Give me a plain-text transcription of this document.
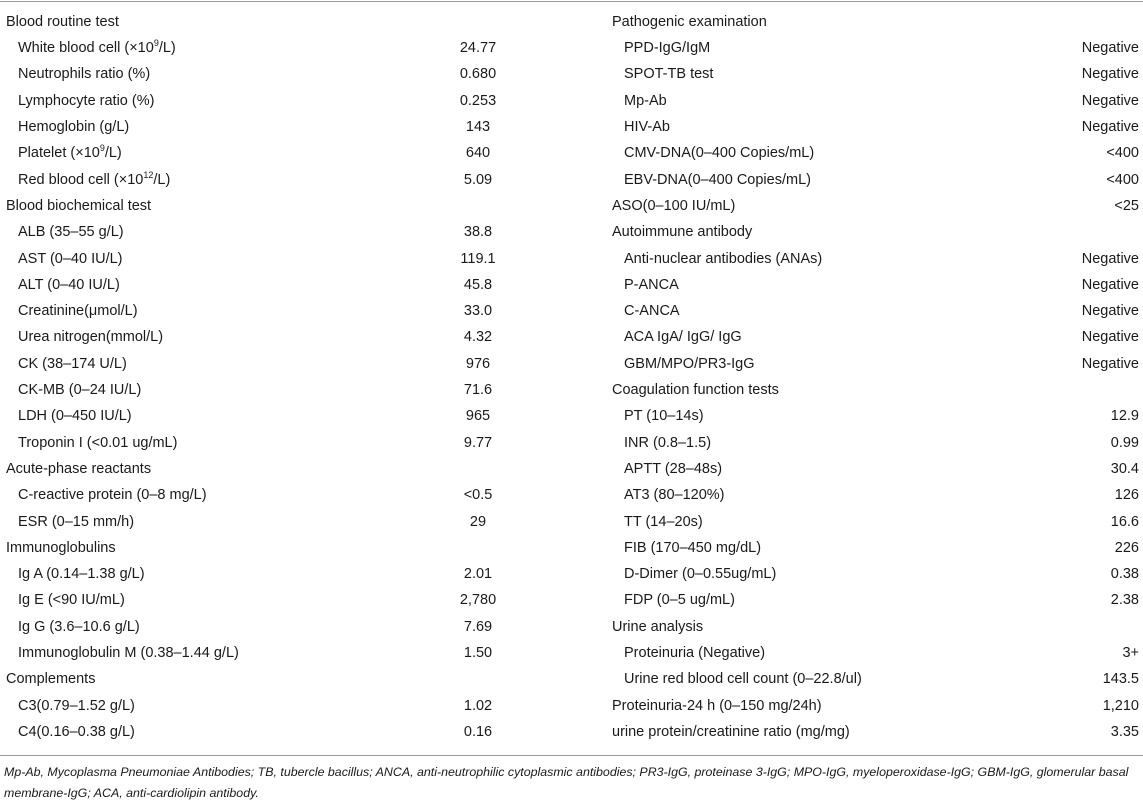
Blood routine test
White blood cell $(\times 10^9/L)$	24.77
Neutrophils ratio (%)	0.680
Lymphocyte ratio (%)	0.253
Hemoglobin (g/L)	143
Platelet $(\times 10^9/L)$	640
Red blood cell $(\times 10^{12}/L)$	5.09
Blood biochemical test
ALB (35–55 g/L)	38.8
AST (0–40 IU/L)	119.1
ALT (0–40 IU/L)	45.8
Creatinine(μmol/L)	33.0
Urea nitrogen(mmol/L)	4.32
CK (38–174 U/L)	976
CK-MB (0–24 IU/L)	71.6
LDH (0–450 IU/L)	965
Troponin I (<0.01 ug/mL)	9.77
Acute-phase reactants
C-reactive protein (0–8 mg/L)	<0.5
ESR (0–15 mm/h)	29
Immunoglobulins
Ig A (0.14–1.38 g/L)	2.01
Ig E (<90 IU/mL)	2,780
Ig G (3.6–10.6 g/L)	7.69
Immunoglobulin M (0.38–1.44 g/L)	1.50
Complements
C3(0.79–1.52 g/L)	1.02
C4(0.16–0.38 g/L)	0.16
Pathogenic examination
PPD-IgG/IgM	Negative
SPOT-TB test	Negative
Mp-Ab	Negative
HIV-Ab	Negative
CMV-DNA(0–400 Copies/mL)	<400
EBV-DNA(0–400 Copies/mL)	<400
ASO(0–100 IU/mL)	<25
Autoimmune antibody
Anti-nuclear antibodies (ANAs)	Negative
P-ANCA	Negative
C-ANCA	Negative
ACA IgA/ IgG/ IgG	Negative
GBM/MPO/PR3-IgG	Negative
Coagulation function tests
PT (10–14s)	12.9
INR (0.8–1.5)	0.99
APTT (28–48s)	30.4
AT3 (80–120%)	126
TT (14–20s)	16.6
FIB (170–450 mg/dL)	226
D-Dimer (0–0.55ug/mL)	0.38
FDP (0–5 ug/mL)	2.38
Urine analysis
Proteinuria (Negative)	3+
Urine red blood cell count (0–22.8/ul)	143.5
Proteinuria-24 h (0–150 mg/24h)	1,210
urine protein/creatinine ratio (mg/mg)	3.35
Mp-Ab, Mycoplasma Pneumoniae Antibodies; TB, tubercle bacillus; ANCA, anti-neutrophilic cytoplasmic antibodies; PR3-IgG, proteinase 3-IgG; MPO-IgG, myeloperoxidase-IgG; GBM-IgG, glomerular basal membrane-IgG; ACA, anti-cardiolipin antibody.
